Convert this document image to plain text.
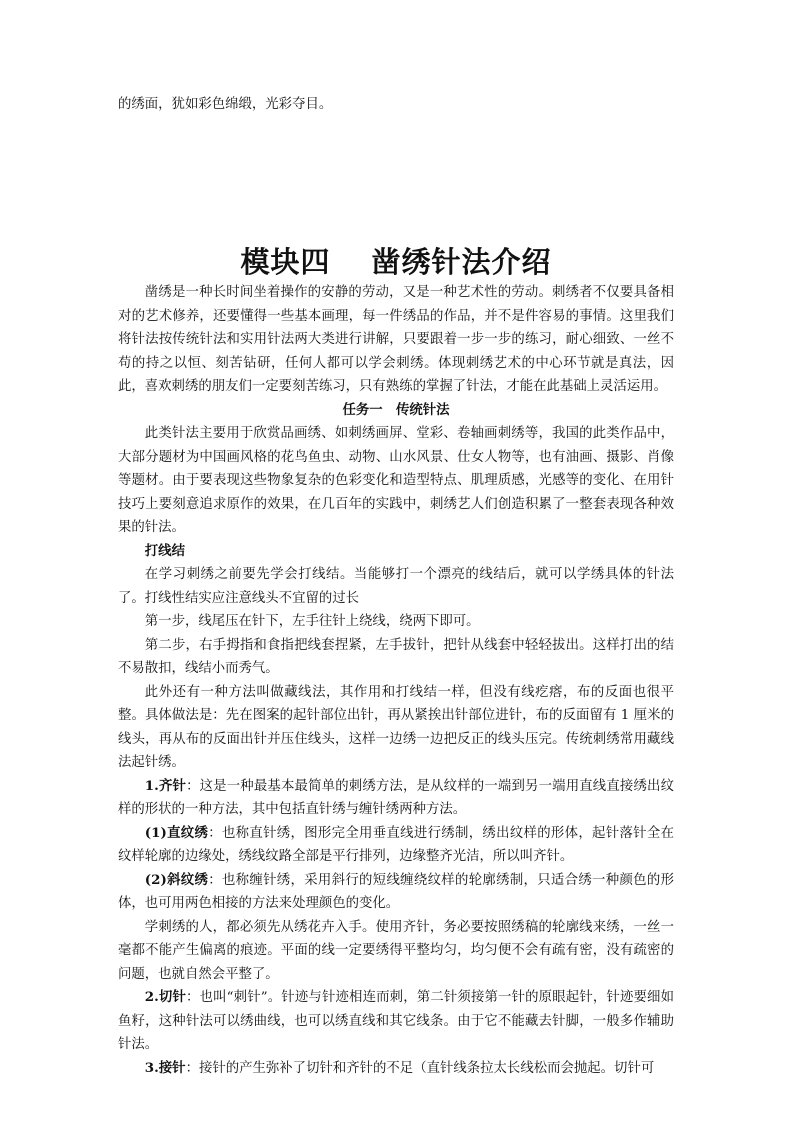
的绣面，犹如彩色绵缎，光彩夺目。

模块四　 凿绣针法介绍

凿绣是一种长时间坐着操作的安静的劳动，又是一种艺术性的劳动。刺绣者不仅要具备相对的艺术修养，还要懂得一些基本画理，每一件绣品的作品，并不是件容易的事情。这里我们将针法按传统针法和实用针法两大类进行讲解，只要跟着一步一步的练习，耐心细致、一丝不苟的持之以恒、刻苦钻研，任何人都可以学会刺绣。体现刺绣艺术的中心环节就是真法，因此，喜欢刺绣的朋友们一定要刻苦练习，只有熟练的掌握了针法，才能在此基础上灵活运用。

任务一　传统针法

此类针法主要用于欣赏品画绣、如刺绣画屏、堂彩、卷轴画刺绣等，我国的此类作品中，大部分题材为中国画风格的花鸟鱼虫、动物、山水风景、仕女人物等，也有油画、摄影、肖像等题材。由于要表现这些物象复杂的色彩变化和造型特点、肌理质感，光感等的变化、在用针技巧上要刻意追求原作的效果，在几百年的实践中，刺绣艺人们创造积累了一整套表现各种效果的针法。

打线结

在学习刺绣之前要先学会打线结。当能够打一个漂亮的线结后，就可以学绣具体的针法了。打线性结实应注意线头不宜留的过长

第一步，线尾压在针下，左手往针上绕线，绕两下即可。

第二步，右手拇指和食指把线套捏紧，左手拔针，把针从线套中轻轻拔出。这样打出的结不易散扣，线结小而秀气。

此外还有一种方法叫做藏线法，其作用和打线结一样，但没有线疙瘩，布的反面也很平整。具体做法是：先在图案的起针部位出针，再从紧挨出针部位进针，布的反面留有 1 厘米的线头，再从布的反面出针并压住线头，这样一边绣一边把反正的线头压完。传统刺绣常用藏线法起针绣。

1.齐针：这是一种最基本最简单的刺绣方法，是从纹样的一端到另一端用直线直接绣出纹样的形状的一种方法，其中包括直针绣与缠针绣两种方法。

(1)直纹绣：也称直针绣，图形完全用垂直线进行绣制，绣出纹样的形体，起针落针全在纹样轮廓的边缘处，绣线纹路全部是平行排列，边缘整齐光洁，所以叫齐针。

(2)斜纹绣：也称缠针绣，采用斜行的短线缠绕纹样的轮廓绣制，只适合绣一种颜色的形体，也可用两色相接的方法来处理颜色的变化。

学刺绣的人，都必须先从绣花卉入手。使用齐针，务必要按照绣稿的轮廓线来绣，一丝一毫都不能产生偏离的痕迹。平面的线一定要绣得平整均匀，均匀便不会有疏有密，没有疏密的问题，也就自然会平整了。

2.切针：也叫“刺针”。针迹与针迹相连而刺，第二针须接第一针的原眼起针，针迹要细如鱼籽，这种针法可以绣曲线，也可以绣直线和其它线条。由于它不能藏去针脚，一般多作辅助针法。

3.接针：接针的产生弥补了切针和齐针的不足（直针线条拉太长线松而会抛起。切针可
